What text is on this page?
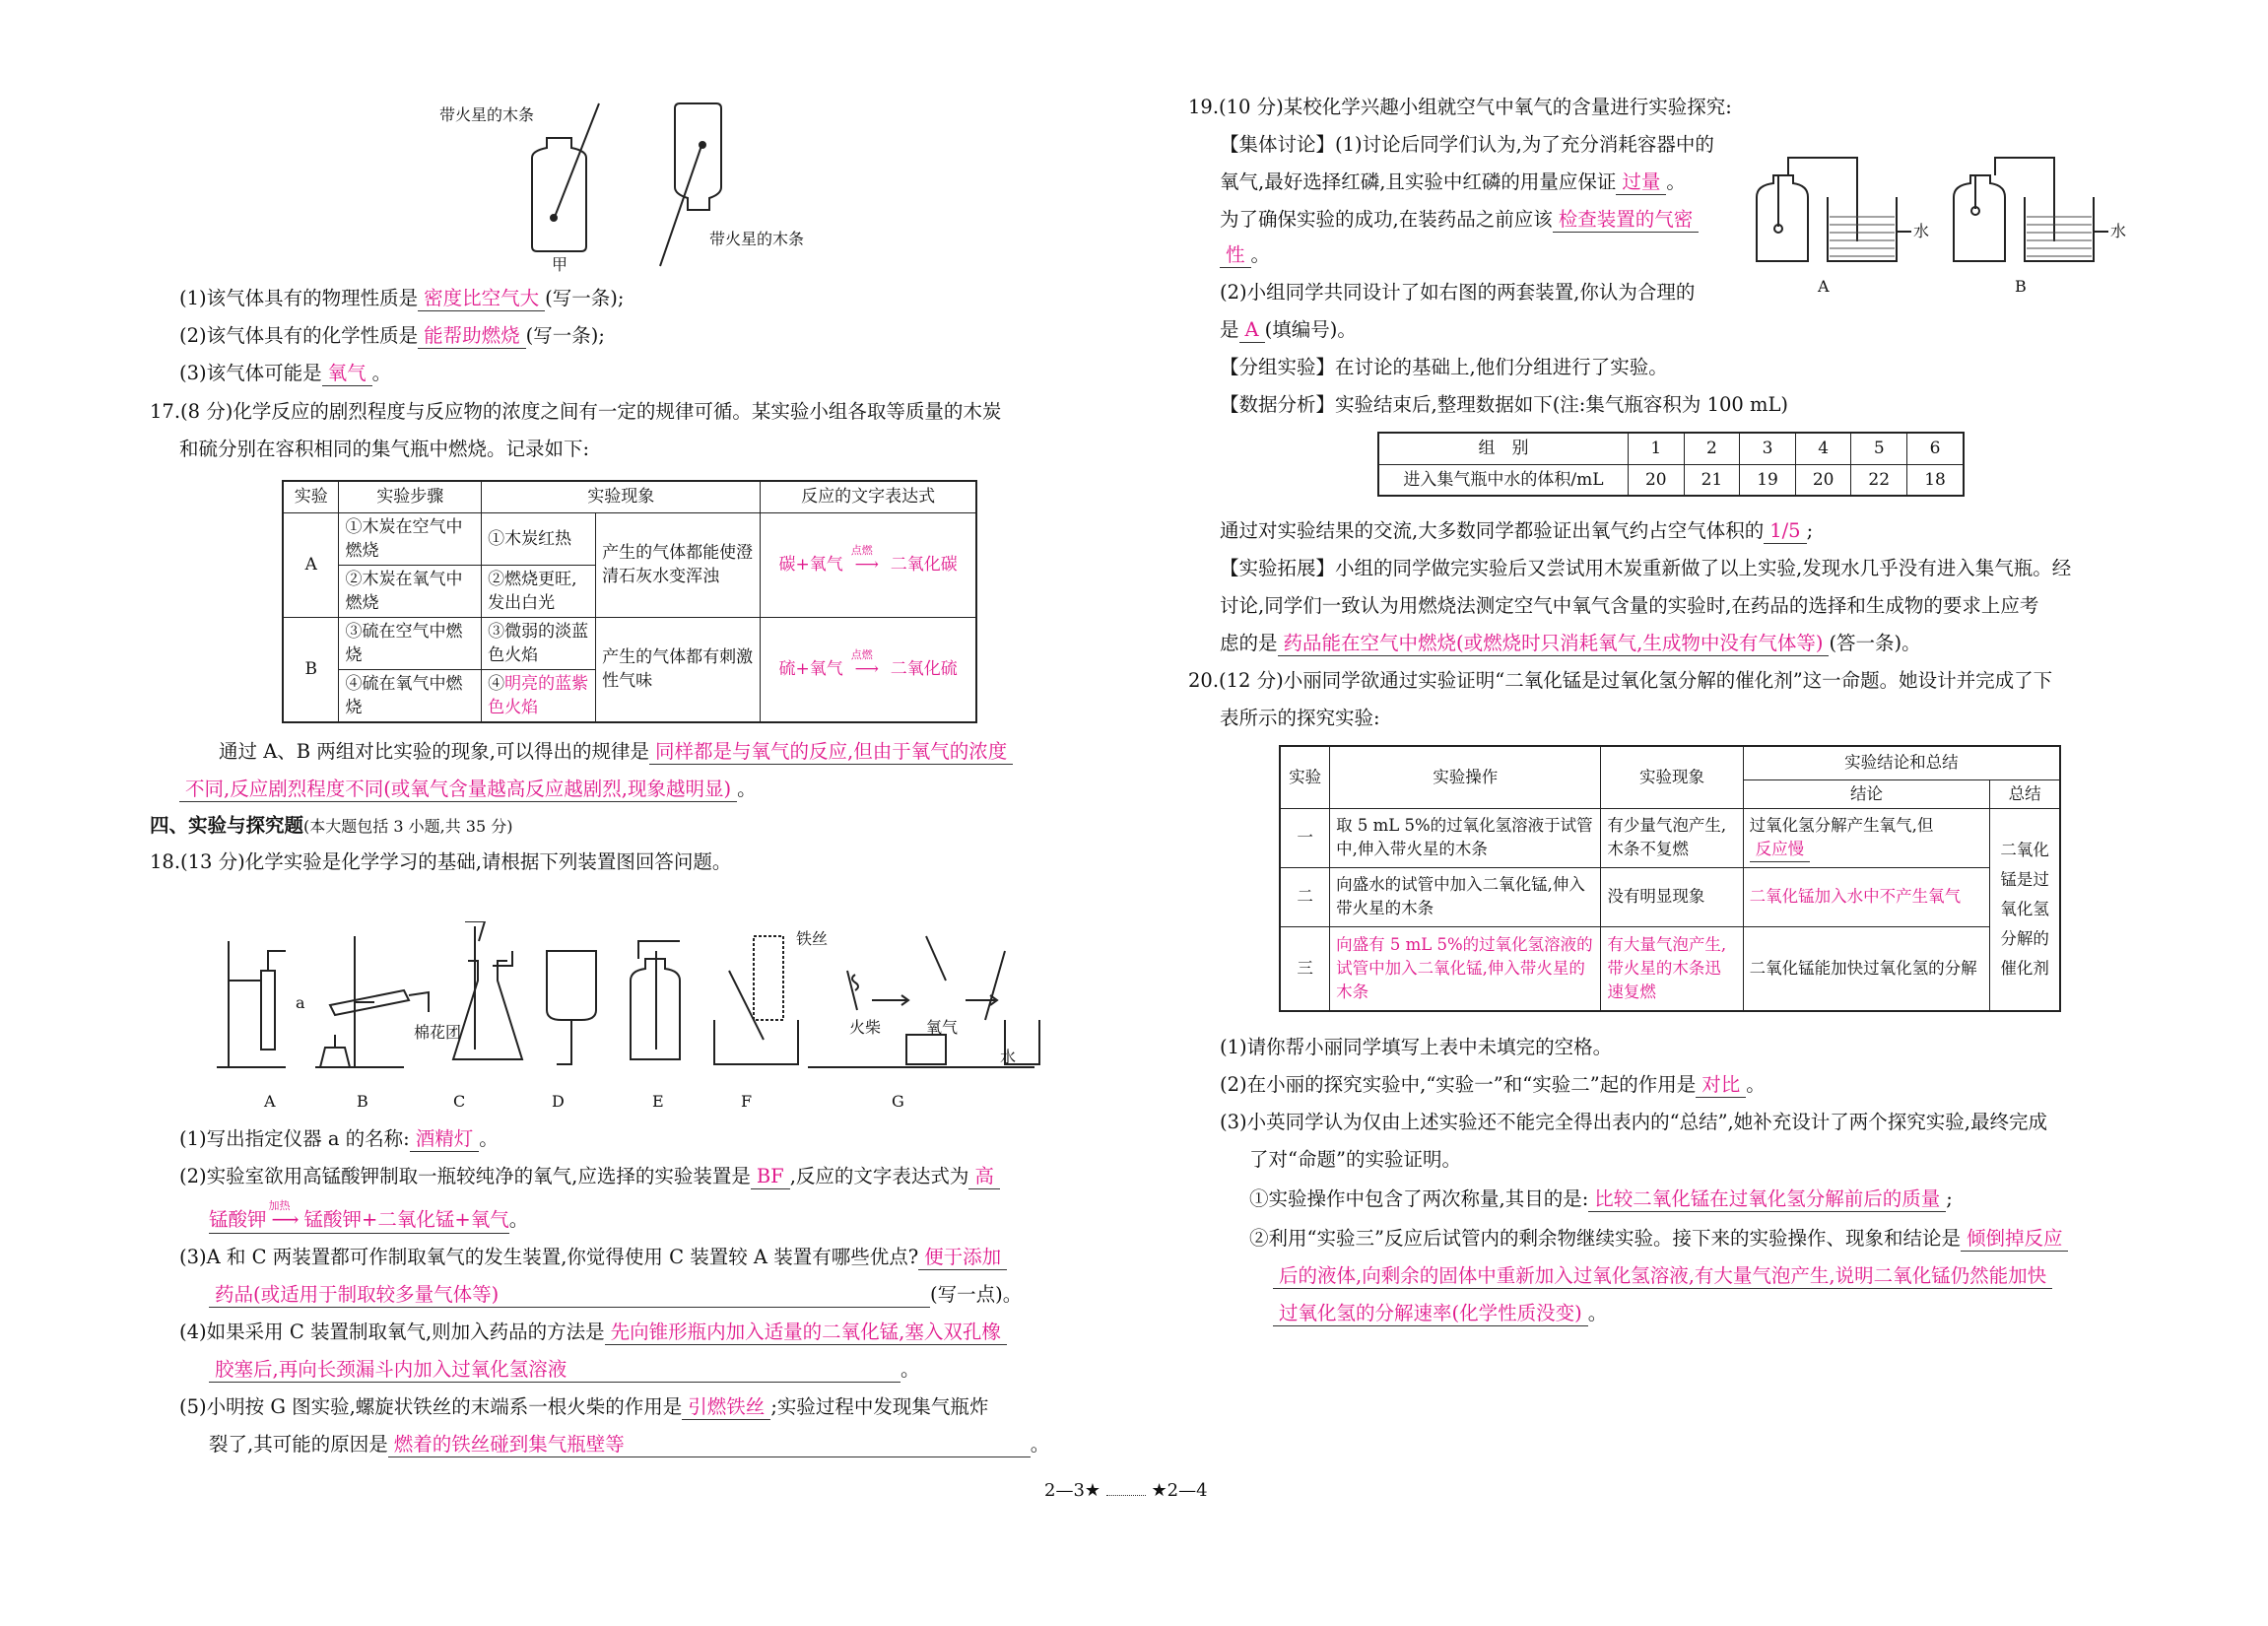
带火星的木条
带火星的木条
甲
(1)该气体具有的物理性质是 密度比空气大 (写一条);
(2)该气体具有的化学性质是 能帮助燃烧 (写一条);
(3)该气体可能是 氧气 。
17.(8 分)化学反应的剧烈程度与反应物的浓度之间有一定的规律可循。某实验小组各取等质量的木炭
和硫分别在容积相同的集气瓶中燃烧。记录如下:
实验	实验步骤	实验现象		反应的文字表达式
A	①木炭在空气中燃烧	①木炭红热	产生的气体都能使澄清石灰水变浑浊	碳+氧气
点燃
⟶ 二氧化碳
	②木炭在氧气中燃烧	②燃烧更旺,发出白光		
B	③硫在空气中燃烧	③微弱的淡蓝色火焰	产生的气体都有刺激性气味	硫+氧气
点燃
⟶ 二氧化硫
	④硫在氧气中燃烧	④明亮的蓝紫色火焰		
通过 A、B 两组对比实验的现象,可以得出的规律是 同样都是与氧气的反应,但由于氧气的浓度
不同,反应剧烈程度不同(或氧气含量越高反应越剧烈,现象越明显) 。
四、实验与探究题(本大题包括 3 小题,共 35 分)
18.(13 分)化学实验是化学学习的基础,请根据下列装置图回答问题。
a
棉花团
铁丝
火柴	氧气
水
A	B	C	D	E	F	G
(1)写出指定仪器 a 的名称: 酒精灯 。
(2)实验室欲用高锰酸钾制取一瓶较纯净的氧气,应选择的实验装置是 BF ,反应的文字表达式为 高
锰酸钾
加热
⟶ 锰酸钾+二氧化锰+氧气。
(3)A 和 C 两装置都可作制取氧气的发生装置,你觉得使用 C 装置较 A 装置有哪些优点? 便于添加
药品(或适用于制取较多量气体等)	(写一点)。
(4)如果采用 C 装置制取氧气,则加入药品的方法是 先向锥形瓶内加入适量的二氧化锰,塞入双孔橡
胶塞后,再向长颈漏斗内加入过氧化氢溶液	。
(5)小明按 G 图实验,螺旋状铁丝的末端系一根火柴的作用是 引燃铁丝 ;实验过程中发现集气瓶炸
裂了,其可能的原因是 燃着的铁丝碰到集气瓶壁等	。
19.(10 分)某校化学兴趣小组就空气中氧气的含量进行实验探究:
【集体讨论】(1)讨论后同学们认为,为了充分消耗容器中的
氧气,最好选择红磷,且实验中红磷的用量应保证 过量 。
为了确保实验的成功,在装药品之前应该 检查装置的气密
性 。
(2)小组同学共同设计了如右图的两套装置,你认为合理的
是 A (填编号)。
水	水
A	B
【分组实验】在讨论的基础上,他们分组进行了实验。
【数据分析】实验结束后,整理数据如下(注:集气瓶容积为 100 mL)
组　别	1	2	3	4	5	6
进入集气瓶中水的体积/mL	20	21	19	20	22	18
通过对实验结果的交流,大多数同学都验证出氧气约占空气体积的 1/5 ;
【实验拓展】小组的同学做完实验后又尝试用木炭重新做了以上实验,发现水几乎没有进入集气瓶。经
讨论,同学们一致认为用燃烧法测定空气中氧气含量的实验时,在药品的选择和生成物的要求上应考
虑的是 药品能在空气中燃烧(或燃烧时只消耗氧气,生成物中没有气体等) (答一条)。
20.(12 分)小丽同学欲通过实验证明“二氧化锰是过氧化氢分解的催化剂”这一命题。她设计并完成了下
表所示的探究实验:
实验	实验操作	实验现象	实验结论和总结	
			结论	总结
一	取 5 mL 5%的过氧化氢溶液于试管中,伸入带火星的木条	有少量气泡产生,木条不复燃	过氧化氢分解产生氧气,但反应慢	二氧化锰是过氧化氢分解的催化剂
二	向盛水的试管中加入二氧化锰,伸入带火星的木条	没有明显现象	二氧化锰加入水中不产生氧气	
三	向盛有 5 mL 5%的过氧化氢溶液的试管中加入二氧化锰,伸入带火星的木条	有大量气泡产生,带火星的木条迅速复燃	二氧化锰能加快过氧化氢的分解	
(1)请你帮小丽同学填写上表中未填完的空格。
(2)在小丽的探究实验中,“实验一”和“实验二”起的作用是 对比 。
(3)小英同学认为仅由上述实验还不能完全得出表内的“总结”,她补充设计了两个探究实验,最终完成
了对“命题”的实验证明。
①实验操作中包含了两次称量,其目的是: 比较二氧化锰在过氧化氢分解前后的质量 ;
②利用“实验三”反应后试管内的剩余物继续实验。接下来的实验操作、现象和结论是 倾倒掉反应
后的液体,向剩余的固体中重新加入过氧化氢溶液,有大量气泡产生,说明二氧化锰仍然能加快
过氧化氢的分解速率(化学性质没变) 。
2—3★	★2—4
